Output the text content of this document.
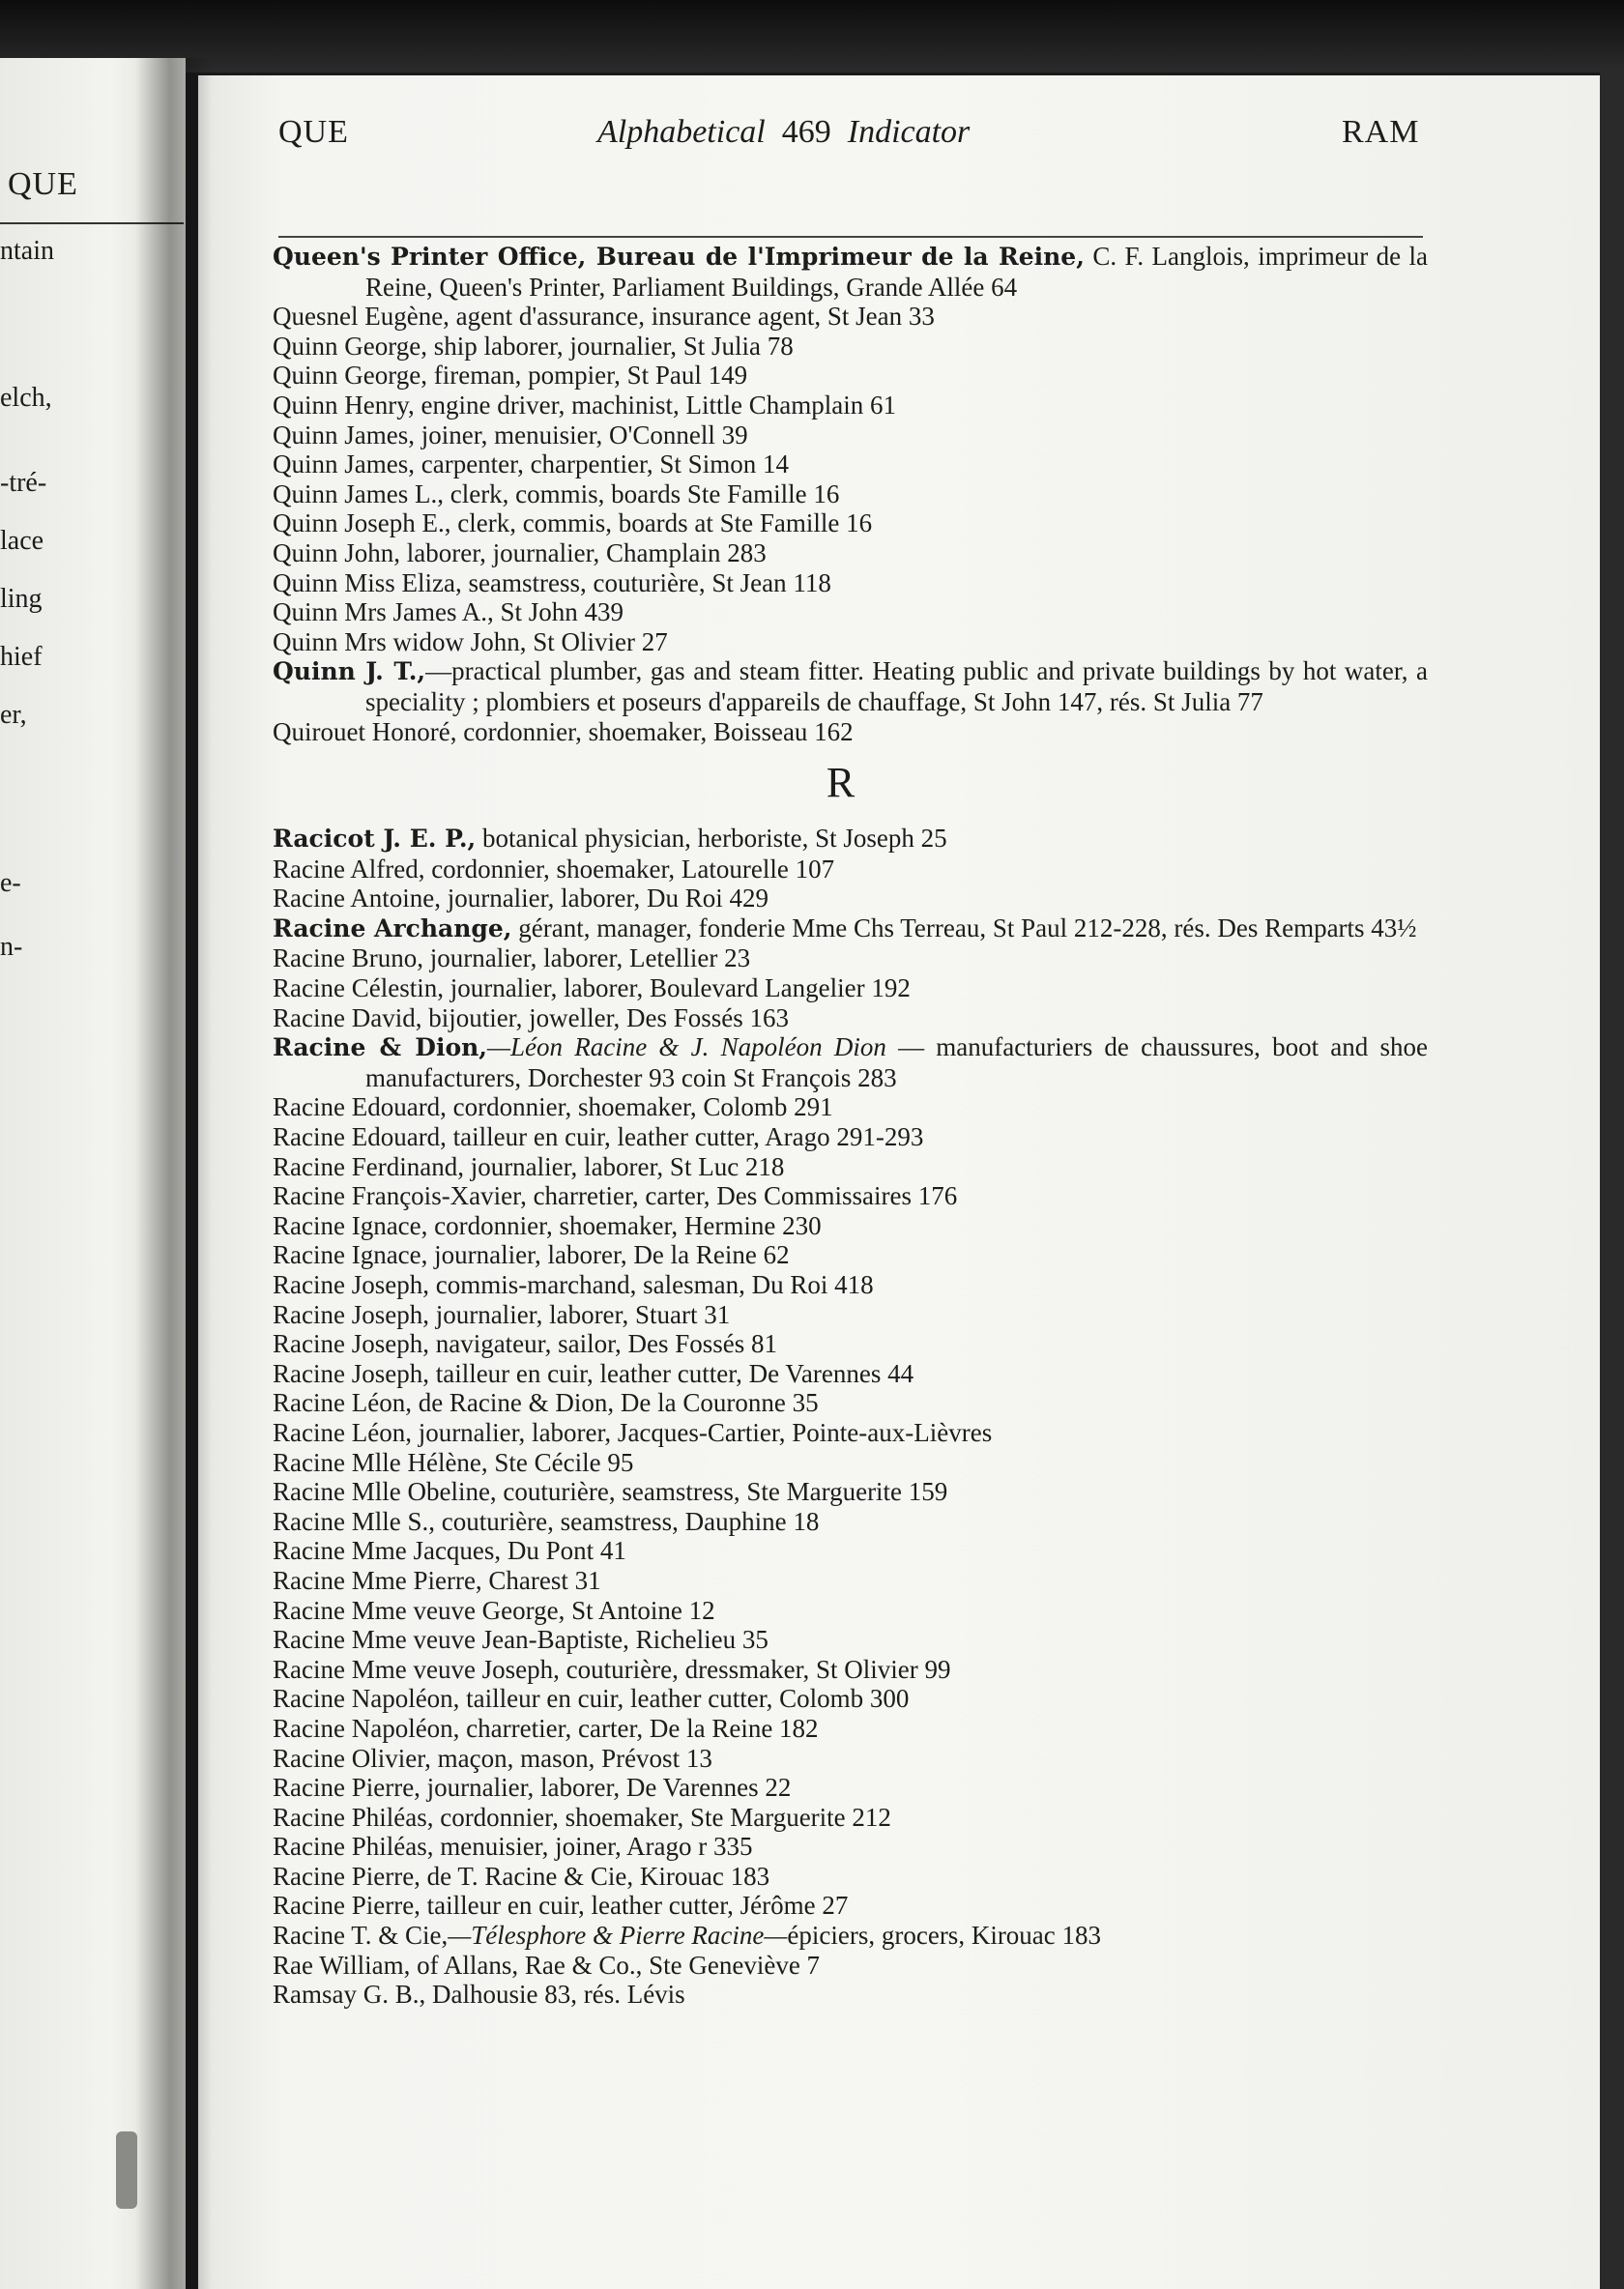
QUE
ntain
elch,
-tré-
lace
ling
hief
er,
e-
n-
QUE	Alphabetical 469 Indicator	RAM
Queen's Printer Office, Bureau de l'Imprimeur de la Reine, C. F. Langlois, imprimeur de la Reine, Queen's Printer, Parliament Buildings, Grande Allée 64
Quesnel Eugène, agent d'assurance, insurance agent, St Jean 33
Quinn George, ship laborer, journalier, St Julia 78
Quinn George, fireman, pompier, St Paul 149
Quinn Henry, engine driver, machinist, Little Champlain 61
Quinn James, joiner, menuisier, O'Connell 39
Quinn James, carpenter, charpentier, St Simon 14
Quinn James L., clerk, commis, boards Ste Famille 16
Quinn Joseph E., clerk, commis, boards at Ste Famille 16
Quinn John, laborer, journalier, Champlain 283
Quinn Miss Eliza, seamstress, couturière, St Jean 118
Quinn Mrs James A., St John 439
Quinn Mrs widow John, St Olivier 27
Quinn J. T.,—practical plumber, gas and steam fitter. Heating public and private buildings by hot water, a speciality ; plombiers et poseurs d'appareils de chauffage, St John 147, rés. St Julia 77
Quirouet Honoré, cordonnier, shoemaker, Boisseau 162
R
Racicot J. E. P., botanical physician, herboriste, St Joseph 25
Racine Alfred, cordonnier, shoemaker, Latourelle 107
Racine Antoine, journalier, laborer, Du Roi 429
Racine Archange, gérant, manager, fonderie Mme Chs Terreau, St Paul 212-228, rés. Des Remparts 43½
Racine Bruno, journalier, laborer, Letellier 23
Racine Célestin, journalier, laborer, Boulevard Langelier 192
Racine David, bijoutier, joweller, Des Fossés 163
Racine & Dion,—Léon Racine & J. Napoléon Dion — manufacturiers de chaussures, boot and shoe manufacturers, Dorchester 93 coin St François 283
Racine Edouard, cordonnier, shoemaker, Colomb 291
Racine Edouard, tailleur en cuir, leather cutter, Arago 291-293
Racine Ferdinand, journalier, laborer, St Luc 218
Racine François-Xavier, charretier, carter, Des Commissaires 176
Racine Ignace, cordonnier, shoemaker, Hermine 230
Racine Ignace, journalier, laborer, De la Reine 62
Racine Joseph, commis-marchand, salesman, Du Roi 418
Racine Joseph, journalier, laborer, Stuart 31
Racine Joseph, navigateur, sailor, Des Fossés 81
Racine Joseph, tailleur en cuir, leather cutter, De Varennes 44
Racine Léon, de Racine & Dion, De la Couronne 35
Racine Léon, journalier, laborer, Jacques-Cartier, Pointe-aux-Lièvres
Racine Mlle Hélène, Ste Cécile 95
Racine Mlle Obeline, couturière, seamstress, Ste Marguerite 159
Racine Mlle S., couturière, seamstress, Dauphine 18
Racine Mme Jacques, Du Pont 41
Racine Mme Pierre, Charest 31
Racine Mme veuve George, St Antoine 12
Racine Mme veuve Jean-Baptiste, Richelieu 35
Racine Mme veuve Joseph, couturière, dressmaker, St Olivier 99
Racine Napoléon, tailleur en cuir, leather cutter, Colomb 300
Racine Napoléon, charretier, carter, De la Reine 182
Racine Olivier, maçon, mason, Prévost 13
Racine Pierre, journalier, laborer, De Varennes 22
Racine Philéas, cordonnier, shoemaker, Ste Marguerite 212
Racine Philéas, menuisier, joiner, Arago r 335
Racine Pierre, de T. Racine & Cie, Kirouac 183
Racine Pierre, tailleur en cuir, leather cutter, Jérôme 27
Racine T. & Cie,—Télesphore & Pierre Racine—épiciers, grocers, Kirouac 183
Rae William, of Allans, Rae & Co., Ste Geneviève 7
Ramsay G. B., Dalhousie 83, rés. Lévis
